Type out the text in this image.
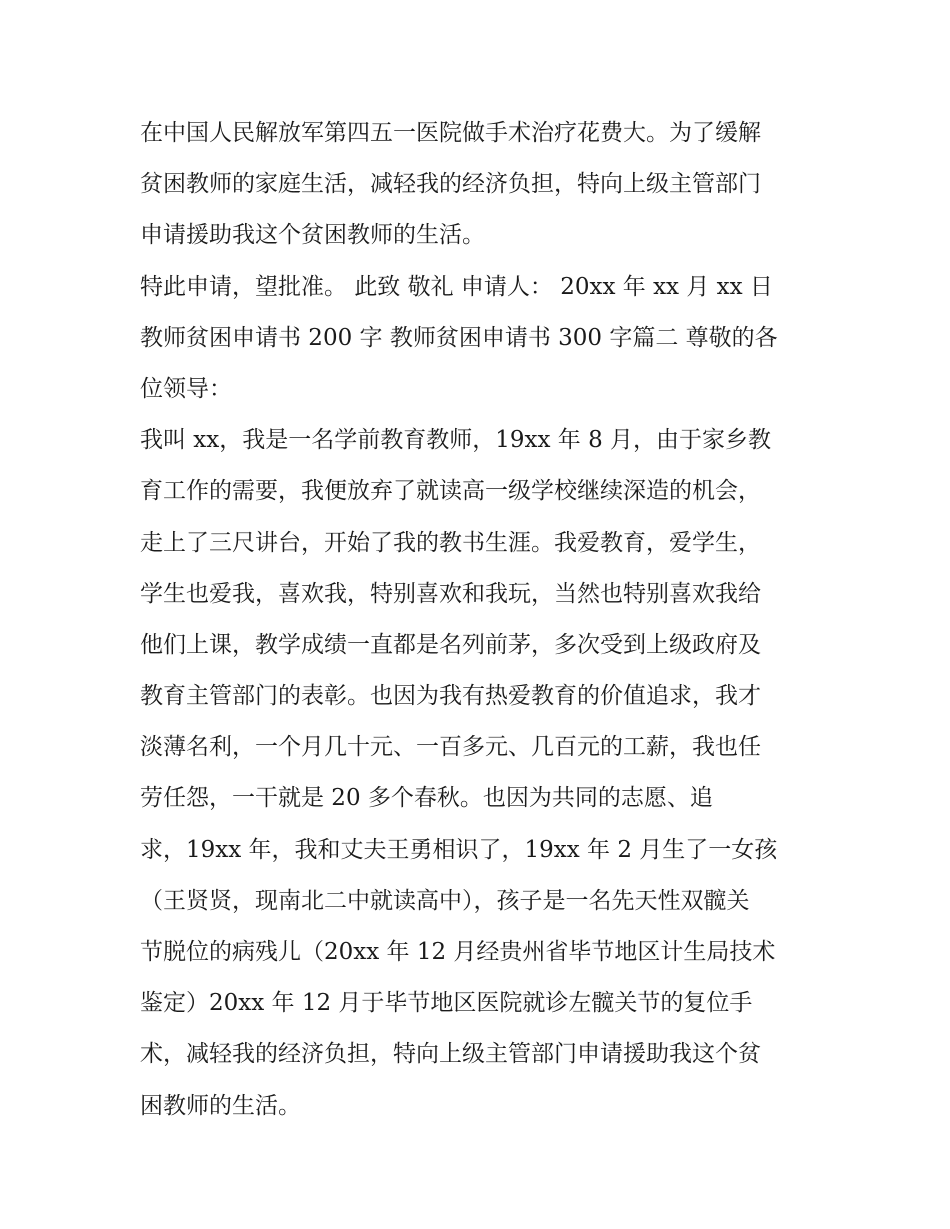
在中国人民解放军第四五一医院做手术治疗花费大。为了缓解
贫困教师的家庭生活，减轻我的经济负担，特向上级主管部门
申请援助我这个贫困教师的生活。
特此申请，望批准。 此致 敬礼 申请人： 20xx 年 xx 月 xx 日
教师贫困申请书 200 字 教师贫困申请书 300 字篇二 尊敬的各
位领导：
我叫 xx，我是一名学前教育教师，19xx 年 8 月，由于家乡教
育工作的需要，我便放弃了就读高一级学校继续深造的机会，
走上了三尺讲台，开始了我的教书生涯。我爱教育，爱学生，
学生也爱我，喜欢我，特别喜欢和我玩，当然也特别喜欢我给
他们上课，教学成绩一直都是名列前茅，多次受到上级政府及
教育主管部门的表彰。也因为我有热爱教育的价值追求，我才
淡薄名利，一个月几十元、一百多元、几百元的工薪，我也任
劳任怨，一干就是 20 多个春秋。也因为共同的志愿、追
求，19xx 年，我和丈夫王勇相识了，19xx 年 2 月生了一女孩
（王贤贤，现南北二中就读高中），孩子是一名先天性双髋关
节脱位的病残儿（20xx 年 12 月经贵州省毕节地区计生局技术
鉴定）20xx 年 12 月于毕节地区医院就诊左髋关节的复位手
术，减轻我的经济负担，特向上级主管部门申请援助我这个贫
困教师的生活。
